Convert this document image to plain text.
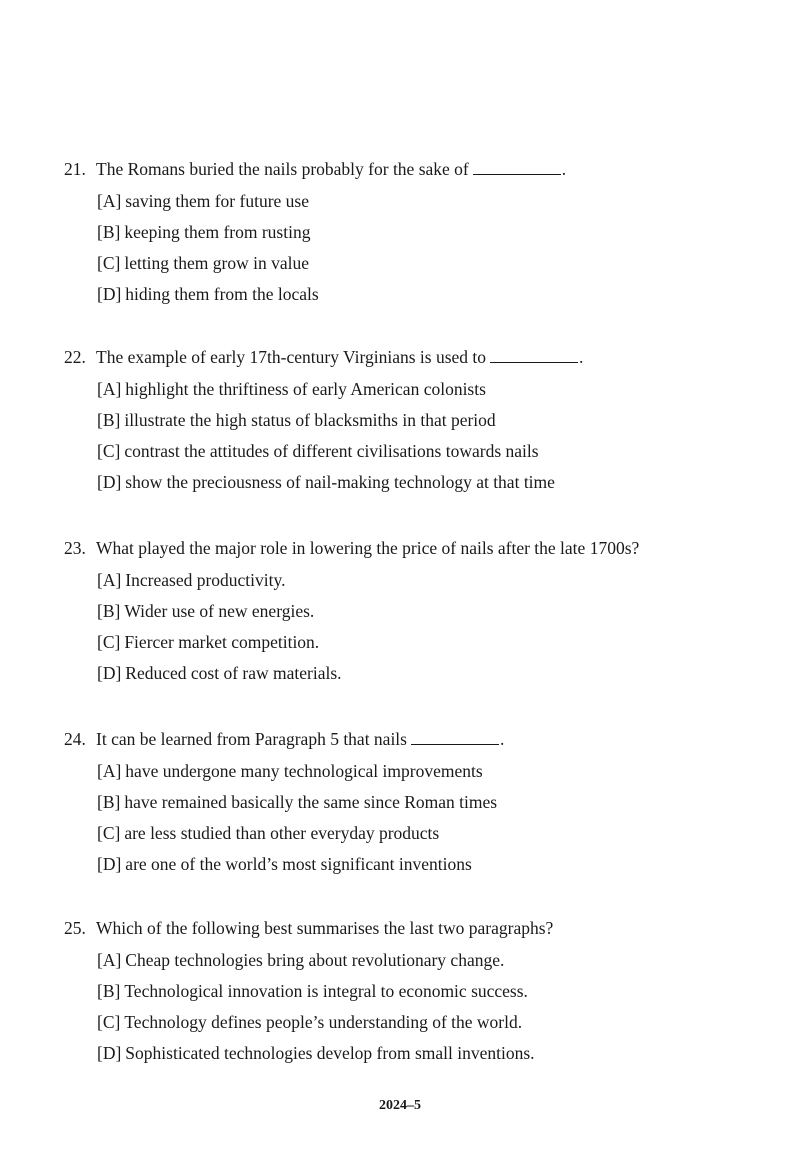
21. The Romans buried the nails probably for the sake of	.
[A] saving them for future use
[B] keeping them from rusting
[C] letting them grow in value
[D] hiding them from the locals
22. The example of early 17th-century Virginians is used to	.
[A] highlight the thriftiness of early American colonists
[B] illustrate the high status of blacksmiths in that period
[C] contrast the attitudes of different civilisations towards nails
[D] show the preciousness of nail-making technology at that time
23. What played the major role in lowering the price of nails after the late 1700s?
[A] Increased productivity.
[B] Wider use of new energies.
[C] Fiercer market competition.
[D] Reduced cost of raw materials.
24. It can be learned from Paragraph 5 that nails	.
[A] have undergone many technological improvements
[B] have remained basically the same since Roman times
[C] are less studied than other everyday products
[D] are one of the world’s most significant inventions
25. Which of the following best summarises the last two paragraphs?
[A] Cheap technologies bring about revolutionary change.
[B] Technological innovation is integral to economic success.
[C] Technology defines people’s understanding of the world.
[D] Sophisticated technologies develop from small inventions.
2024–5
